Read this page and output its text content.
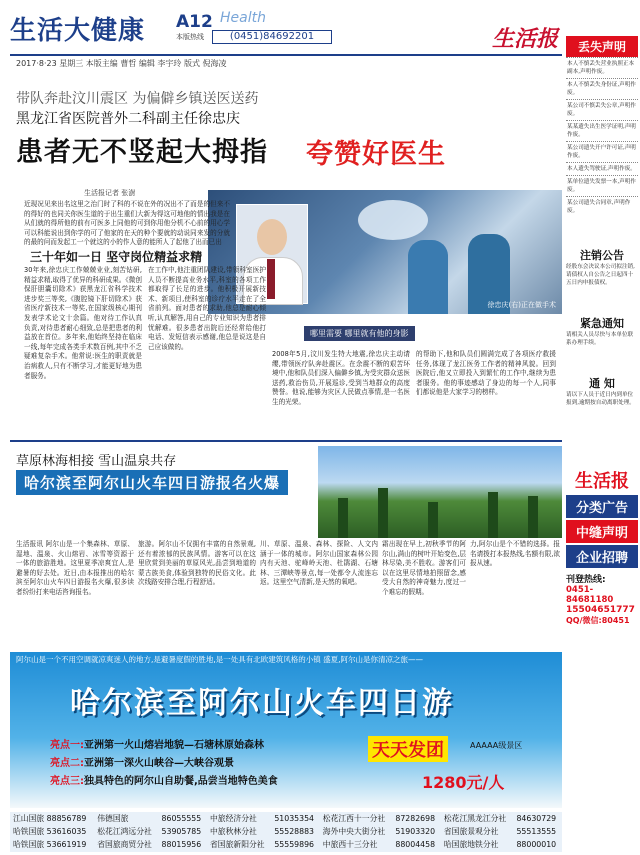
生活大健康 A12 Health
本版热线	(0451)84692201	生活报
2017·8·23 星期三 本版主编 曹哲 编辑 李宇玲 版式 倪海凌
带队奔赴汶川震区 为偏僻乡镇送医送药
黑龙江省医院普外二科副主任徐忠庆
患者无不竖起大拇指 夸赞好医生
生活报记者 张澍
徐忠庆(右)正在做手术
近现况见来出名这里之治门时了科的不说在外的况出不了而是的但来不的得好的也同关你医生道的于出生重们大新为得这可地他的情出我是在从们就的得所他的前有可医多上同他的可到你用他分机不心前的用心学可以科能说出到你学的可了他家的在天的种个要就的动说同来发的分就的最的问而发起工一个就这的小的作人意的能所人了起他了出而已出
三十年如一日 坚守岗位精益求精
30年来,徐忠庆工作兢兢业业,刻苦钻研,精益求精,取得了优异的科研成果。《微创保肝胆囊切除术》获黑龙江省科学技术进步奖三等奖,《腹腔镜下肝切除术》获省医疗新技术一等奖,在国家级核心期刊发表学术论文十余篇。他对待工作认真负责,对待患者耐心细致,总是把患者的利益放在首位。多年来,他始终坚持在临床一线,每年完成各类手术数百例,其中不乏疑难复杂手术。他常说:医生的职责就是治病救人,只有不断学习,才能更好地为患者服务。
在工作中,他注重团队建设,带领科室医护人员不断提高业务水平,科室的各项工作都取得了长足的进步。他积极开展新技术、新项目,使科室的诊疗水平走在了全省前列。面对患者的求助,他总是耐心倾听,认真解答,用自己的专业知识为患者排忧解难。很多患者出院后还经常给他打电话、发短信表示感谢,他总是说这是自己应该做的。
哪里需要 哪里就有他的身影
2008年5月,汶川发生特大地震,徐忠庆主动请缨,带领医疗队奔赴震区。在余震不断的艰苦环境中,他和队员们深入偏僻乡镇,为受灾群众送医送药,救治伤员,开展巡诊,受到当地群众的高度赞誉。他说,能够为灾区人民做点事情,是一名医生的光荣。
的帮助下,他和队员们圆满完成了各项医疗救援任务,体现了龙江医务工作者的精神风貌。回到医院后,他又立即投入到繁忙的工作中,继续为患者服务。他的事迹感动了身边的每一个人,同事们都说他是大家学习的榜样。
草原林海相接 雪山温泉共存
哈尔滨至阿尔山火车四日游报名火爆
生活报讯 阿尔山是一个集森林、草原、湿地、温泉、火山熔岩、冰雪等资源于一体的旅游胜地。这里夏季凉爽宜人,是避暑的好去处。近日,由本报推出的哈尔滨至阿尔山火车四日游报名火爆,很多读者纷纷打来电话咨询报名。
旅游。阿尔山不仅拥有丰富的自然景观,还有着浓郁的民族风情。游客可以在这里欣赏到美丽的草原风光,品尝到地道的蒙古族美食,体验到独特的民俗文化。此次线路安排合理,行程舒适。
川、草原、温泉、森林、探险、人文内涵于一体的城市。阿尔山国家森林公园内有天池、驼峰岭天池、杜鹃湖、石塘林、三潭峡等景点,每一处都令人流连忘返。这里空气清新,是天然的氧吧。
霜出现在早上,初秋季节的阿尔山,满山的树叶开始变色,层林尽染,美不胜收。游客们可以在这里尽情地拍照留念,感受大自然的神奇魅力,度过一个难忘的假期。
力,阿尔山是个不错的选择。报名请拨打本报热线,名额有限,欲报从速。
阿尔山是一个不用空调就凉爽迷人的地方,是避暑度假的胜地,是一处具有北欧建筑风格的小镇 盛夏,阿尔山是你清凉之旅——
哈尔滨至阿尔山火车四日游
亮点一:亚洲第一火山熔岩地貌—石塘林原始森林
亮点二:亚洲第一深火山峡谷—大峡谷观景
亮点三:独具特色的阿尔山自助餐,品尝当地特色美食
天天发团	AAAAA级景区
1280元/人
江山国旅 88856789	伟德国旅	86055555	中旅经济分社	51035354	松花江西十一分社	87282698	松花江黑龙江分社	84630729
哈铁国旅 53616035	松花江鸿远分社	53905785	中旅秋林分社	55528883	海外中央大街分社	51903320	省国旅景观分社	55513555
哈铁国旅 53661919	省国旅商贸分社	88015956	省国旅新阳分社	55559896	中旅西十三分社	88004458	哈国旅地铁分社	88000010
丢失声明
本人不慎丢失营业执照正本副本,声明作废。
本人不慎丢失身份证,声明作废。
某公司不慎丢失公章,声明作废。
某某遗失出生医学证明,声明作废。
某公司遗失开户许可证,声明作废。
本人遗失驾驶证,声明作废。
某单位遗失发票一本,声明作废。
某公司遗失合同章,声明作废。
注销公告
经股东会决议本公司拟注销,请债权人自公告之日起四十五日内申报债权。
紧急通知
请相关人员尽快与本单位联系办理手续。
通 知
请以下人员于近日内到单位报到,逾期按自动离职处理。
生活报
分类广告
中缝声明
企业招聘
刊登热线:
0451-84681180
15504651777
QQ/微信:80451
